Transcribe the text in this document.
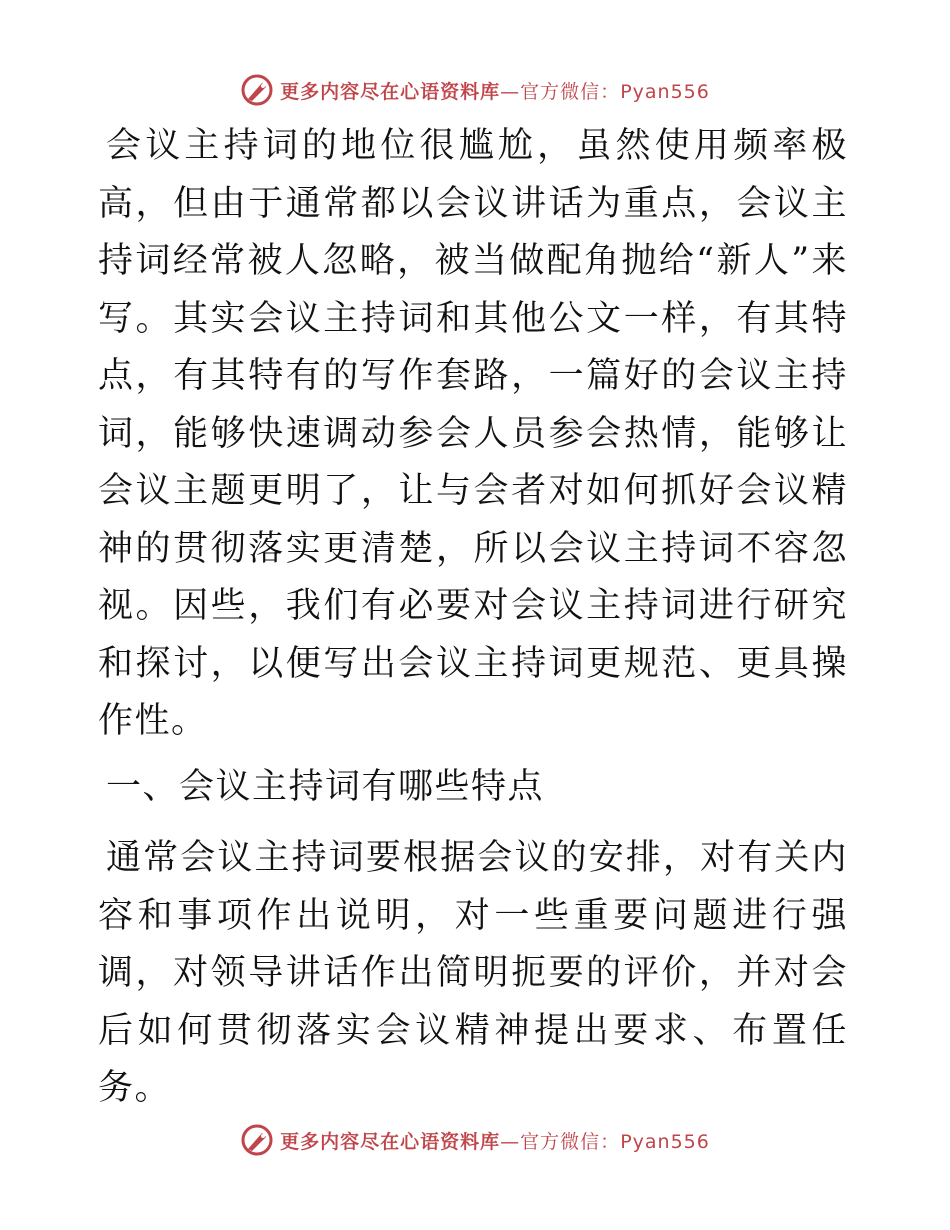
更多内容尽在心语资料库—官方微信：Pyan556

会议主持词的地位很尴尬，虽然使用频率极高，但由于通常都以会议讲话为重点，会议主持词经常被人忽略，被当做配角抛给“新人”来写。其实会议主持词和其他公文一样，有其特点，有其特有的写作套路，一篇好的会议主持词，能够快速调动参会人员参会热情，能够让会议主题更明了，让与会者对如何抓好会议精神的贯彻落实更清楚，所以会议主持词不容忽视。因些，我们有必要对会议主持词进行研究和探讨，以便写出会议主持词更规范、更具操作性。

一、会议主持词有哪些特点

通常会议主持词要根据会议的安排，对有关内容和事项作出说明，对一些重要问题进行强调，对领导讲话作出简明扼要的评价，并对会后如何贯彻落实会议精神提出要求、布置任务。

更多内容尽在心语资料库—官方微信：Pyan556
